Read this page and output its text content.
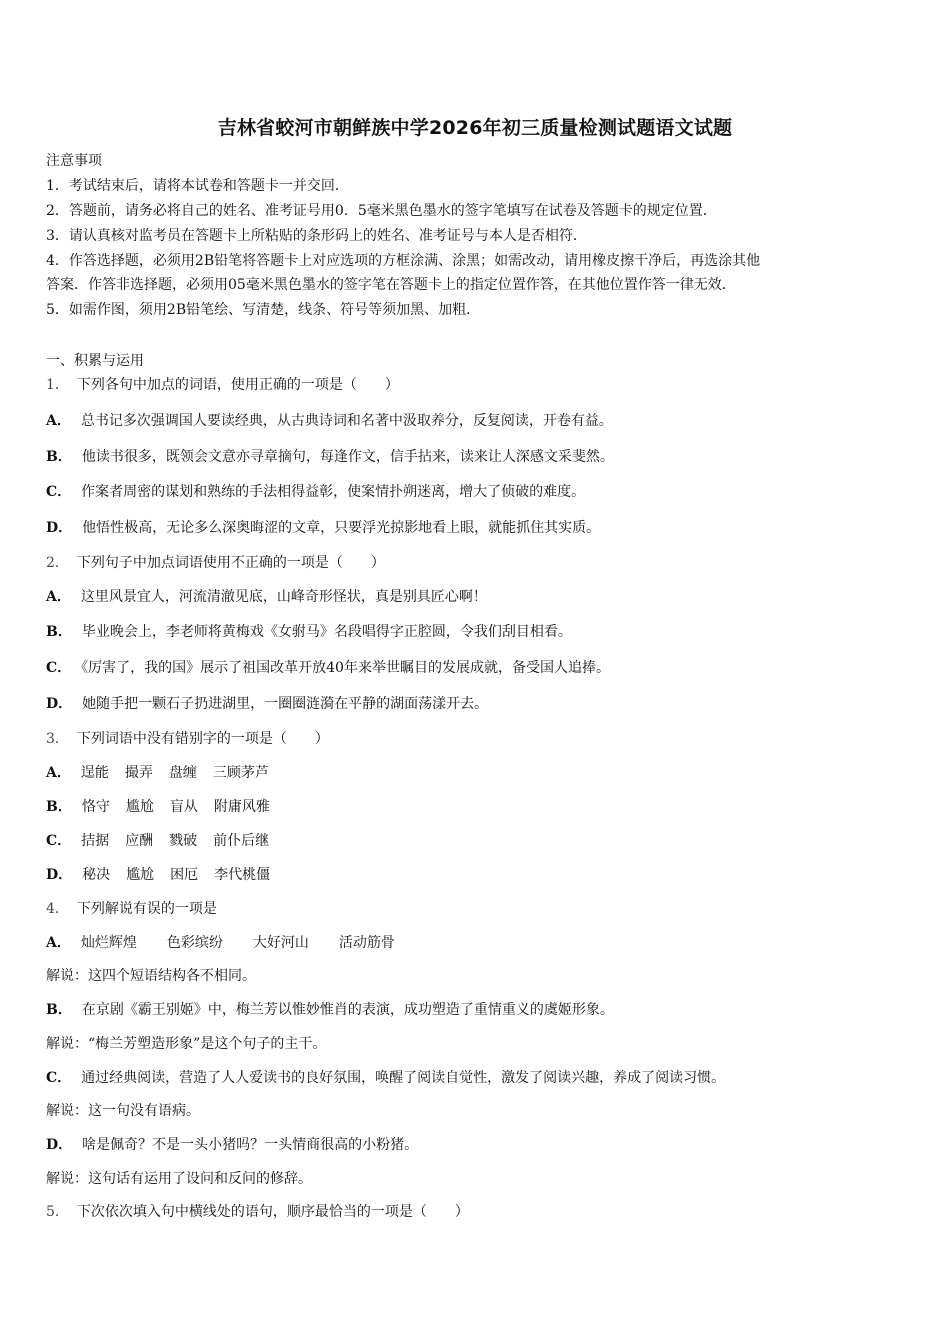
吉林省蛟河市朝鲜族中学2026年初三质量检测试题语文试题
注意事项
1．考试结束后，请将本试卷和答题卡一并交回．
2．答题前，请务必将自己的姓名、准考证号用0．5毫米黑色墨水的签字笔填写在试卷及答题卡的规定位置．
3．请认真核对监考员在答题卡上所粘贴的条形码上的姓名、准考证号与本人是否相符．
4．作答选择题，必须用2B铅笔将答题卡上对应选项的方框涂满、涂黑；如需改动，请用橡皮擦干净后，再选涂其他
答案．作答非选择题，必须用05毫米黑色墨水的签字笔在答题卡上的指定位置作答，在其他位置作答一律无效．
5．如需作图，须用2B铅笔绘、写清楚，线条、符号等须加黑、加粗．
一、积累与运用
1． 下列各句中加点的词语，使用正确的一项是（　　）
A． 总书记多次强调国人要读经典，从古典诗词和名著中汲取养分，反复阅读，开卷有益。
B． 他读书很多，既领会文意亦寻章摘句，每逢作文，信手拈来，读来让人深感文采斐然。
C． 作案者周密的谋划和熟练的手法相得益彰，使案情扑朔迷离，增大了侦破的难度。
D． 他悟性极高，无论多么深奥晦涩的文章，只要浮光掠影地看上眼，就能抓住其实质。
2． 下列句子中加点词语使用不正确的一项是（　　）
A． 这里风景宜人，河流清澈见底，山峰奇形怪状，真是别具匠心啊！
B． 毕业晚会上，李老师将黄梅戏《女驸马》名段唱得字正腔圆，令我们刮目相看。
C． 《厉害了，我的国》展示了祖国改革开放40年来举世瞩目的发展成就，备受国人追捧。
D． 她随手把一颗石子扔进湖里，一圈圈涟漪在平静的湖面荡漾开去。
3． 下列词语中没有错别字的一项是（　　）
A． 逞能 撮弄 盘缠 三顾茅芦
B． 恪守 尴尬 盲从 附庸风雅
C． 拮据 应酬 戮破 前仆后继
D． 秘决 尴尬 困厄 李代桃僵
4． 下列解说有误的一项是
A． 灿烂辉煌 色彩缤纷 大好河山 活动筋骨
解说：这四个短语结构各不相同。
B． 在京剧《霸王别姬》中，梅兰芳以惟妙惟肖的表演，成功塑造了重情重义的虞姬形象。
解说：“梅兰芳塑造形象”是这个句子的主干。
C． 通过经典阅读，营造了人人爱读书的良好氛围，唤醒了阅读自觉性，激发了阅读兴趣，养成了阅读习惯。
解说：这一句没有语病。
D． 啥是佩奇？不是一头小猪吗？一头情商很高的小粉猪。
解说：这句话有运用了设问和反问的修辞。
5． 下次依次填入句中横线处的语句，顺序最恰当的一项是（　　）
